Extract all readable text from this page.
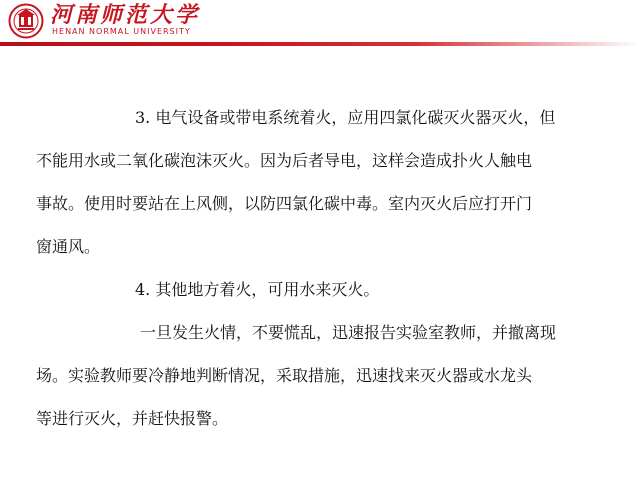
河南师范大学
HENAN NORMAL UNIVERSITY

3. 电气设备或带电系统着火，应用四氯化碳灭火器灭火，但
不能用水或二氧化碳泡沫灭火。因为后者导电，这样会造成扑火人触电
事故。使用时要站在上风侧，以防四氯化碳中毒。室内灭火后应打开门
窗通风。

4. 其他地方着火，可用水来灭火。

一旦发生火情，不要慌乱，迅速报告实验室教师，并撤离现
场。实验教师要冷静地判断情况，采取措施，迅速找来灭火器或水龙头
等进行灭火，并赶快报警。
